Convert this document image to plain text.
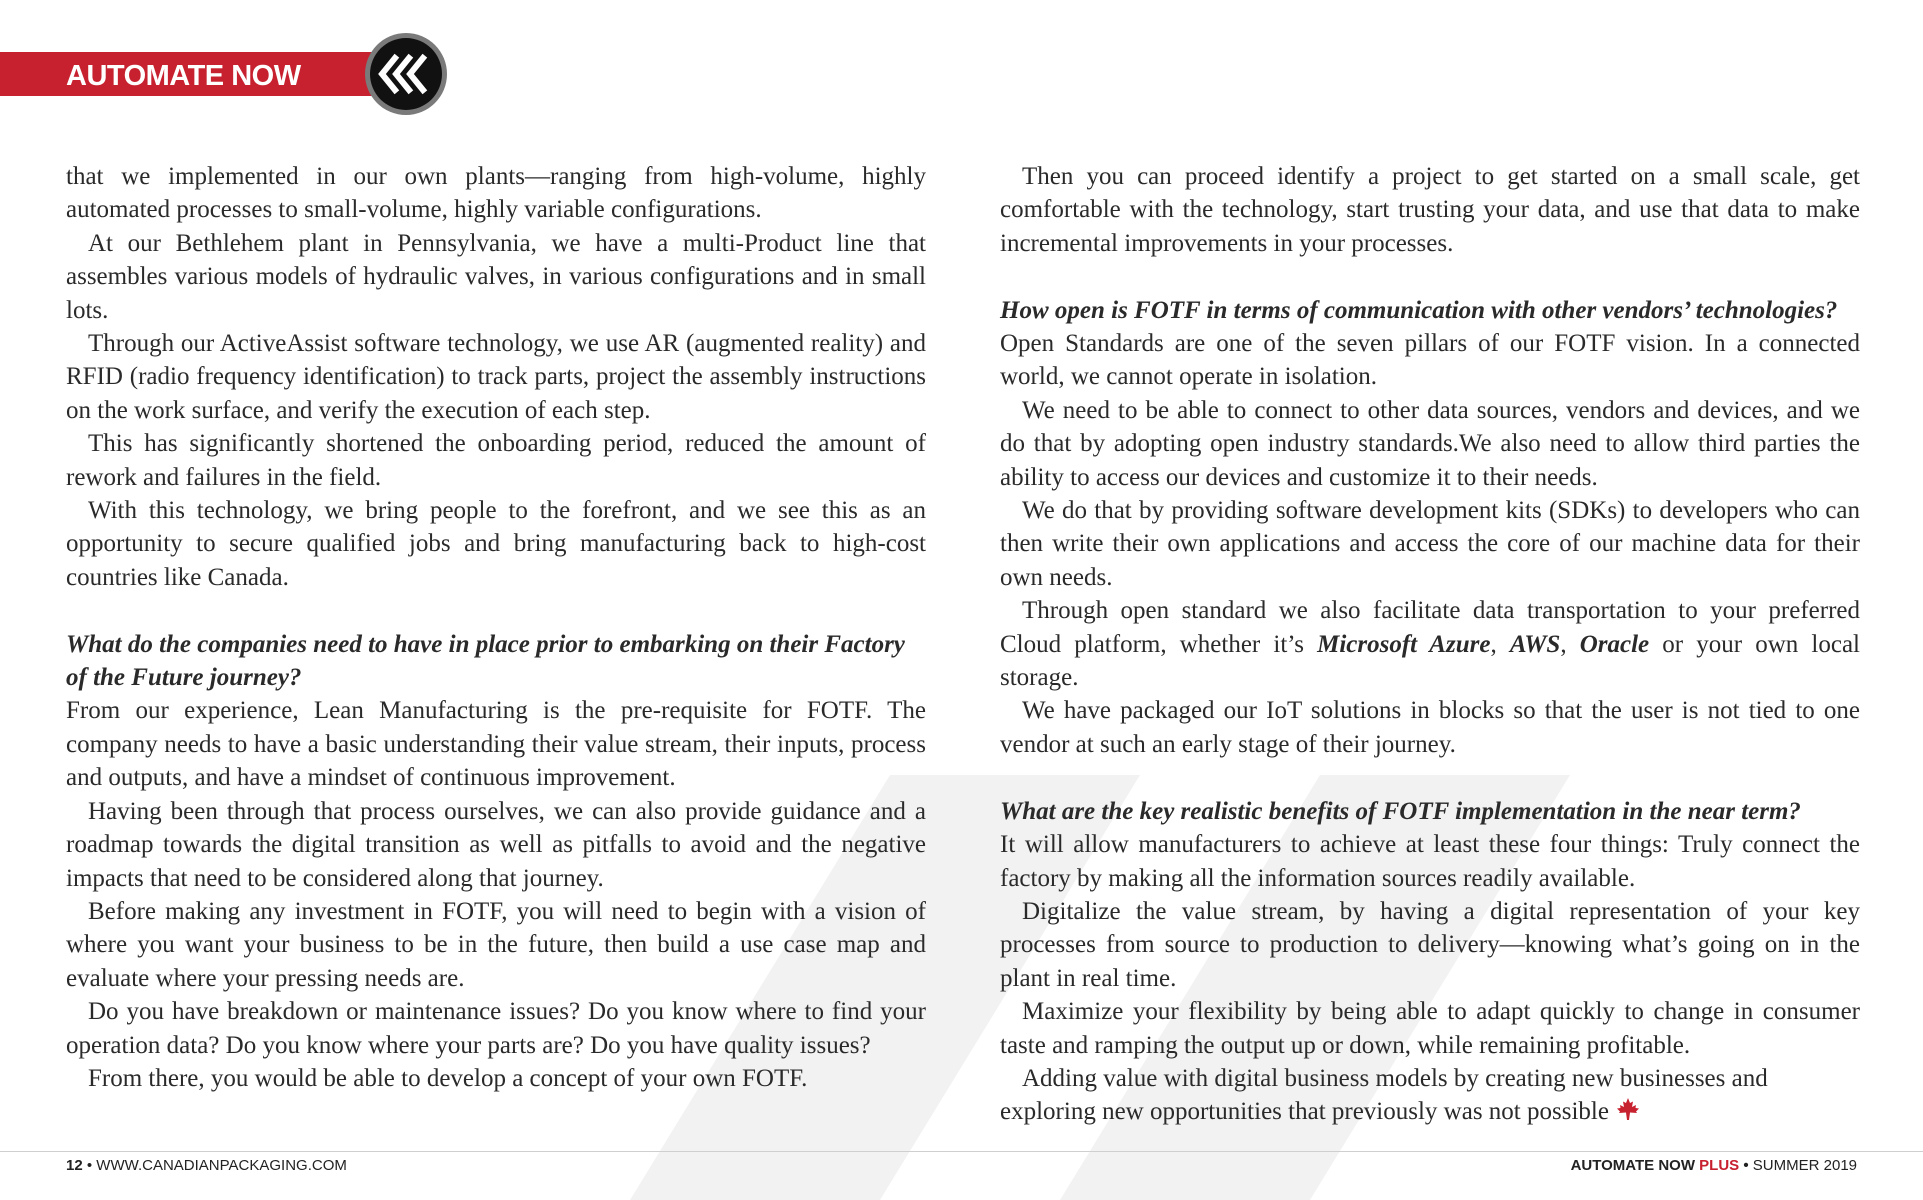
AUTOMATE NOW

that we implemented in our own plants—ranging from high-volume, highly automated processes to small-volume, highly variable configurations.

At our Bethlehem plant in Pennsylvania, we have a multi-Product line that assembles various models of hydraulic valves, in various configurations and in small lots.

Through our ActiveAssist software technology, we use AR (augmented reality) and RFID (radio frequency identification) to track parts, project the assembly instructions on the work surface, and verify the execution of each step.

This has significantly shortened the onboarding period, reduced the amount of rework and failures in the field.

With this technology, we bring people to the forefront, and we see this as an opportunity to secure qualified jobs and bring manufacturing back to high-cost countries like Canada.

What do the companies need to have in place prior to embarking on their Factory of the Future journey?

From our experience, Lean Manufacturing is the pre-requisite for FOTF. The company needs to have a basic understanding their value stream, their inputs, process and outputs, and have a mindset of continuous improvement.

Having been through that process ourselves, we can also provide guidance and a roadmap towards the digital transition as well as pitfalls to avoid and the negative impacts that need to be considered along that journey.

Before making any investment in FOTF, you will need to begin with a vision of where you want your business to be in the future, then build a use case map and evaluate where your pressing needs are.

Do you have breakdown or maintenance issues? Do you know where to find your operation data? Do you know where your parts are? Do you have quality issues?

From there, you would be able to develop a concept of your own FOTF.

Then you can proceed identify a project to get started on a small scale, get comfortable with the technology, start trusting your data, and use that data to make incremental improvements in your processes.

How open is FOTF in terms of communication with other vendors’ technologies?

Open Standards are one of the seven pillars of our FOTF vision. In a connected world, we cannot operate in isolation.

We need to be able to connect to other data sources, vendors and devices, and we do that by adopting open industry standards.We also need to allow third parties the ability to access our devices and customize it to their needs.

We do that by providing software development kits (SDKs) to developers who can then write their own applications and access the core of our machine data for their own needs.

Through open standard we also facilitate data transportation to your preferred Cloud platform, whether it’s Microsoft Azure, AWS, Oracle or your own local storage.

We have packaged our IoT solutions in blocks so that the user is not tied to one vendor at such an early stage of their journey.

What are the key realistic benefits of FOTF implementation in the near term?

It will allow manufacturers to achieve at least these four things: Truly connect the factory by making all the information sources readily available.

Digitalize the value stream, by having a digital representation of your key processes from source to production to delivery—knowing what’s going on in the plant in real time.

Maximize your flexibility by being able to adapt quickly to change in consumer taste and ramping the output up or down, while remaining profitable.

Adding value with digital business models by creating new businesses and exploring new opportunities that previously was not possible

12 • WWW.CANADIANPACKAGING.COM	AUTOMATE NOW PLUS • SUMMER 2019
